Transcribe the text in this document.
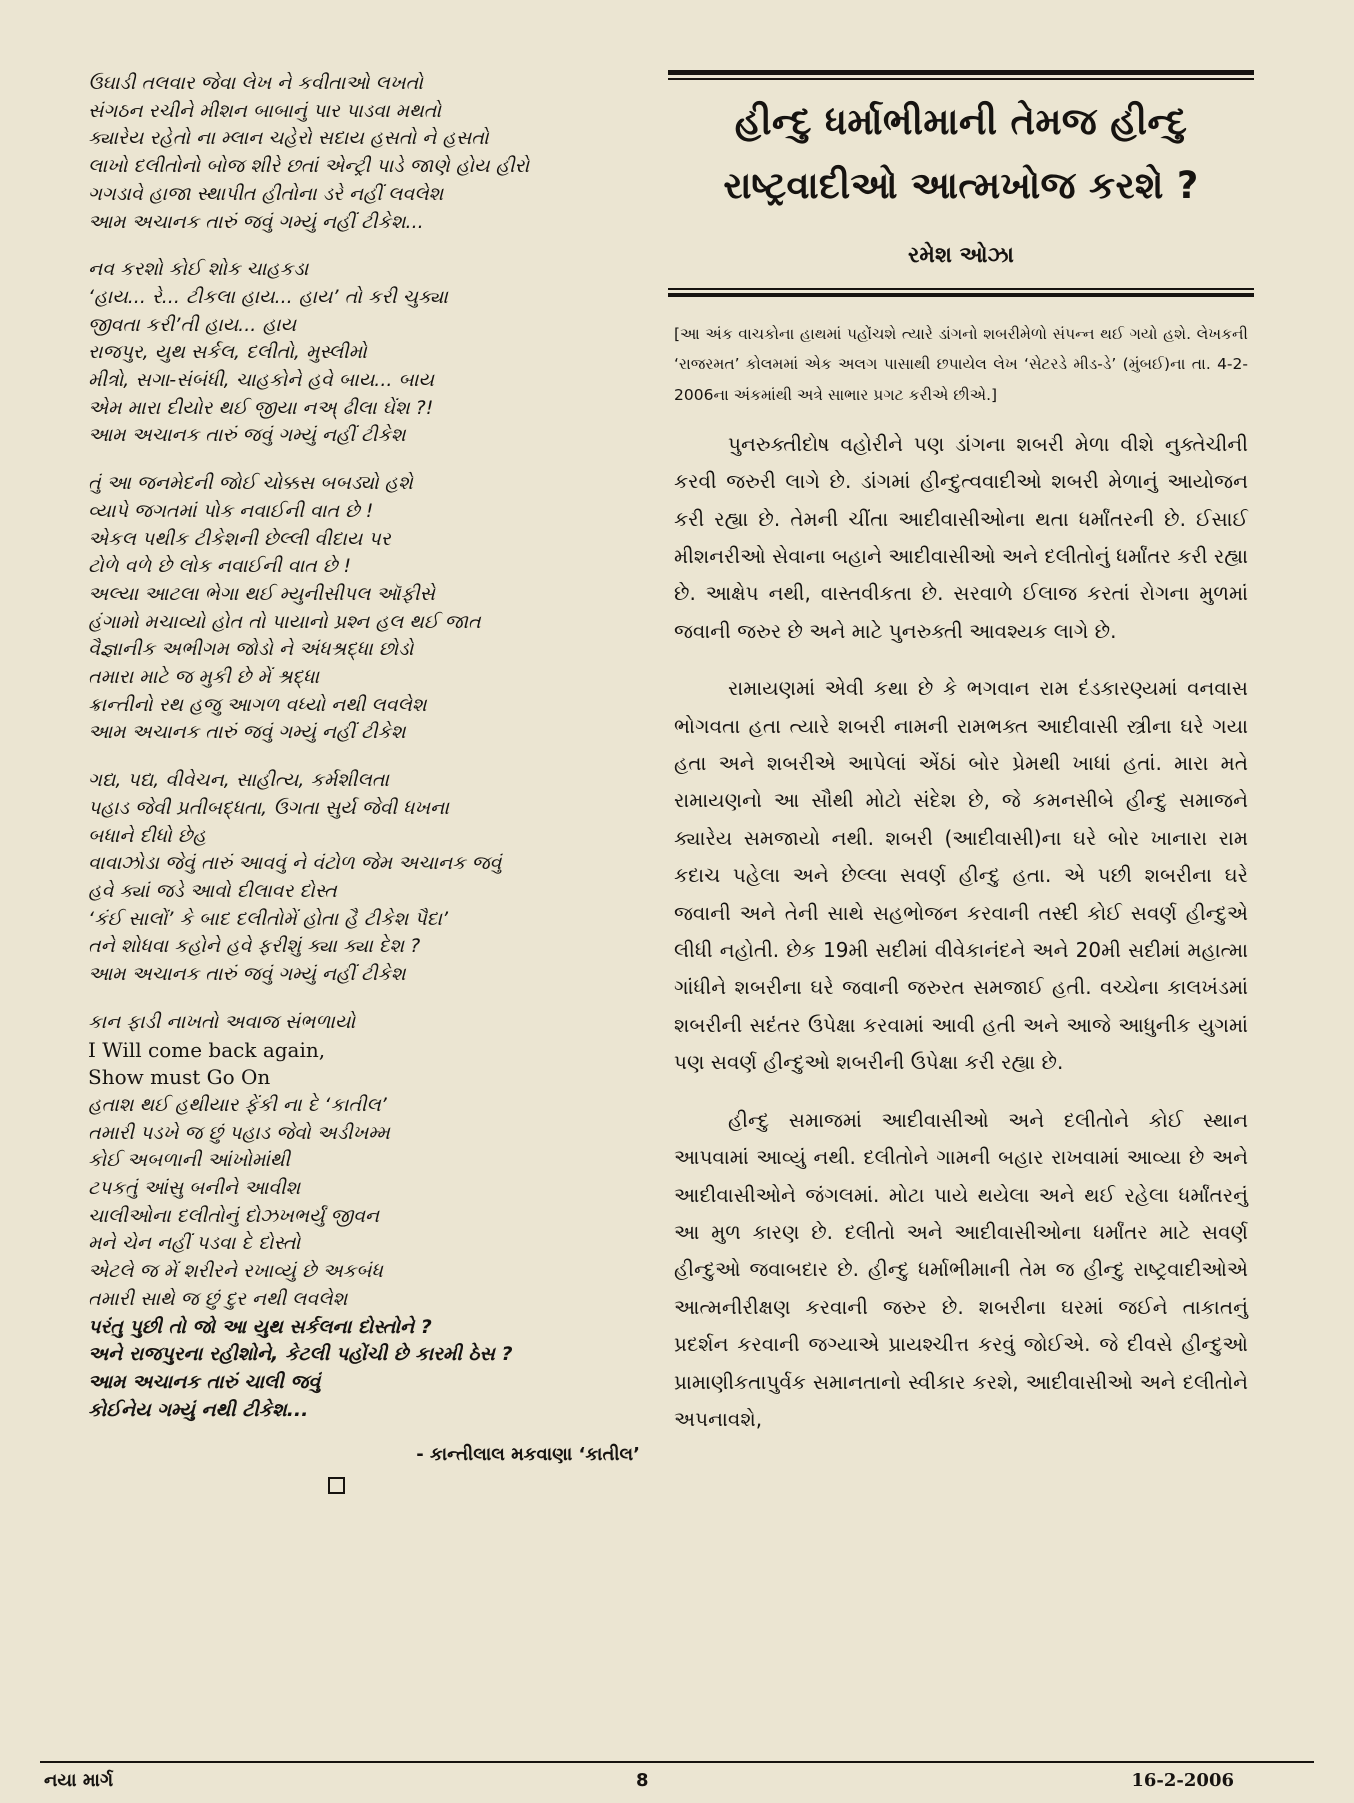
ઉઘાડી તલવાર જેવા લેખ ને કવીતાઓ લખતો
સંગઠન રચીને મીશન બાબાનું પાર પાડવા મથતો
ક્યારેય રહેતો ના મ્લાન ચહેરો સદાય હસતો ને હસતો
લાખો દલીતોનો બોજ શીરે છતાં એન્ટ્રી પાડે જાણે હોય હીરો
ગગડાવે હાજા સ્થાપીત હીતોના ડરે નહીં લવલેશ
આમ અચાનક તારું જવું ગમ્યું નહીં ટીકેશ...
નવ કરશો કોઈ શોક ચાહકડા
‘હાય... રે... ટીકલા હાય... હાય’ તો કરી ચુક્યા
જીવતા કરી’તી હાય... હાય
રાજપુર, યુથ સર્કલ, દલીતો, મુસ્લીમો
મીત્રો, સગા-સંબંધી, ચાહકોને હવે બાય... બાય
એમ મારા દીયોર થઈ જીયા નઅ્ ઢીલા ઘેંશ ?!
આમ અચાનક તારું જવું ગમ્યું નહીં ટીકેશ
તું આ જનમેદની જોઈ ચોક્કસ બબડ્યો હશે
વ્યાપે જગતમાં પોક નવાઈની વાત છે !
એકલ પથીક ટીકેશની છેલ્લી વીદાય પર
ટોળે વળે છે લોક નવાઈની વાત છે !
અલ્યા આટલા ભેગા થઈ મ્યુનીસીપલ ઑફીસે
હંગામો મચાવ્યો હોત તો પાયાનો પ્રશ્ન હલ થઈ જાત
વૈજ્ઞાનીક અભીગમ જોડો ને અંધશ્રદ્ધા છોડો
તમારા માટે જ મુકી છે મેં શ્રદ્ધા
ક્રાન્તીનો રથ હજુ આગળ વધ્યો નથી લવલેશ
આમ અચાનક તારું જવું ગમ્યું નહીં ટીકેશ
ગદ્ય, પદ્ય, વીવેચન, સાહીત્ય, કર્મશીલતા
પહાડ જેવી પ્રતીબદ્ધતા, ઉગતા સુર્ય જેવી ધખના
બધાને દીધો છેહ
વાવાઝોડા જેવું તારું આવવું ને વંટોળ જેમ અચાનક જવું
હવે ક્યાં જડે આવો દીલાવર દોસ્ત
‘કંઈ સાલોં’ કે બાદ દલીતોમેં હોતા હૈ ટીકેશ પૈદા’
તને શોધવા કહોને હવે ફરીશું ક્યા ક્યા દેશ ?
આમ અચાનક તારું જવું ગમ્યું નહીં ટીકેશ
કાન ફાડી નાખતો અવાજ સંભળાયો
I Will come back again,
Show must Go On
હતાશ થઈ હથીયાર ફેંકી ના દે ‘કાતીલ’
તમારી પડખે જ છું પહાડ જેવો અડીખમ્મ
કોઈ અબળાની આંખોમાંથી
ટપકતું આંસુ બનીને આવીશ
ચાલીઓના દલીતોનું દોઝખભર્યું જીવન
મને ચેન નહીં પડવા દે દોસ્તો
એટલે જ મેં શરીરને રખાવ્યું છે અકબંધ
તમારી સાથે જ છું દુર નથી લવલેશ
પરંતુ પુછી તો જો આ યુથ સર્કલના દોસ્તોને ?
અને રાજપુરના રહીશોને, કેટલી પહોંચી છે કારમી ઠેસ ?
આમ અચાનક તારું ચાલી જવું
કોઈનેય ગમ્યું નથી ટીકેશ...
- કાન્તીલાલ મકવાણા ‘કાતીલ’
હીન્દુ ધર્માભીમાની તેમજ હીન્દુ
રાષ્ટ્રવાદીઓ આત્મખોજ કરશે ?
રમેશ ઓઝા

[આ અંક વાચકોના હાથમાં પહોંચશે ત્યારે ડાંગનો શબરીમેળો સંપન્ન થઈ ગયો હશે. લેખકની ‘રાજરમત’ કોલમમાં એક અલગ પાસાથી છપાયેલ લેખ ‘સેટરડે મીડ-ડે’ (મુંબઈ)ના તા. 4-2-2006ના અંકમાંથી અત્રે સાભાર પ્રગટ કરીએ છીએ.]

પુનરુક્તીદોષ વહોરીને પણ ડાંગના શબરી મેળા વીશે નુક્તેચીની કરવી જરુરી લાગે છે. ડાંગમાં હીન્દુત્વવાદીઓ શબરી મેળાનું આયોજન કરી રહ્યા છે. તેમની ચીંતા આદીવાસીઓના થતા ધર્માંતરની છે. ઈસાઈ મીશનરીઓ સેવાના બહાને આદીવાસીઓ અને દલીતોનું ધર્માંતર કરી રહ્યા છે. આક્ષેપ નથી, વાસ્તવીકતા છે. સરવાળે ઈલાજ કરતાં રોગના મુળમાં જવાની જરુર છે અને માટે પુનરુક્તી આવશ્યક લાગે છે.

રામાયણમાં એવી કથા છે કે ભગવાન રામ દંડકારણ્યમાં વનવાસ ભોગવતા હતા ત્યારે શબરી નામની રામભક્ત આદીવાસી સ્ત્રીના ઘરે ગયા હતા અને શબરીએ આપેલાં એંઠાં બોર પ્રેમથી ખાધાં હતાં. મારા મતે રામાયણનો આ સૌથી મોટો સંદેશ છે, જે કમનસીબે હીન્દુ સમાજને ક્યારેય સમજાયો નથી. શબરી (આદીવાસી)ના ઘરે બોર ખાનારા રામ કદાચ પહેલા અને છેલ્લા સવર્ણ હીન્દુ હતા. એ પછી શબરીના ઘરે જવાની અને તેની સાથે સહભોજન કરવાની તસ્દી કોઈ સવર્ણ હીન્દુએ લીધી નહોતી. છેક 19મી સદીમાં વીવેકાનંદને અને 20મી સદીમાં મહાત્મા ગાંધીને શબરીના ઘરે જવાની જરુરત સમજાઈ હતી. વચ્ચેના કાલખંડમાં શબરીની સદંતર ઉપેક્ષા કરવામાં આવી હતી અને આજે આધુનીક યુગમાં પણ સવર્ણ હીન્દુઓ શબરીની ઉપેક્ષા કરી રહ્યા છે.

હીન્દુ સમાજમાં આદીવાસીઓ અને દલીતોને કોઈ સ્થાન આપવામાં આવ્યું નથી. દલીતોને ગામની બહાર રાખવામાં આવ્યા છે અને આદીવાસીઓને જંગલમાં. મોટા પાયે થયેલા અને થઈ રહેલા ધર્માંતરનું આ મુળ કારણ છે. દલીતો અને આદીવાસીઓના ધર્માંતર માટે સવર્ણ હીન્દુઓ જવાબદાર છે. હીન્દુ ધર્માભીમાની તેમ જ હીન્દુ રાષ્ટ્રવાદીઓએ આત્મનીરીક્ષણ કરવાની જરુર છે. શબરીના ઘરમાં જઈને તાકાતનું પ્રદર્શન કરવાની જગ્યાએ પ્રાયશ્ચીત્ત કરવું જોઈએ. જે દીવસે હીન્દુઓ પ્રામાણીકતાપુર્વક સમાનતાનો સ્વીકાર કરશે, આદીવાસીઓ અને દલીતોને અપનાવશે,

નયા માર્ગ	8	16-2-2006
